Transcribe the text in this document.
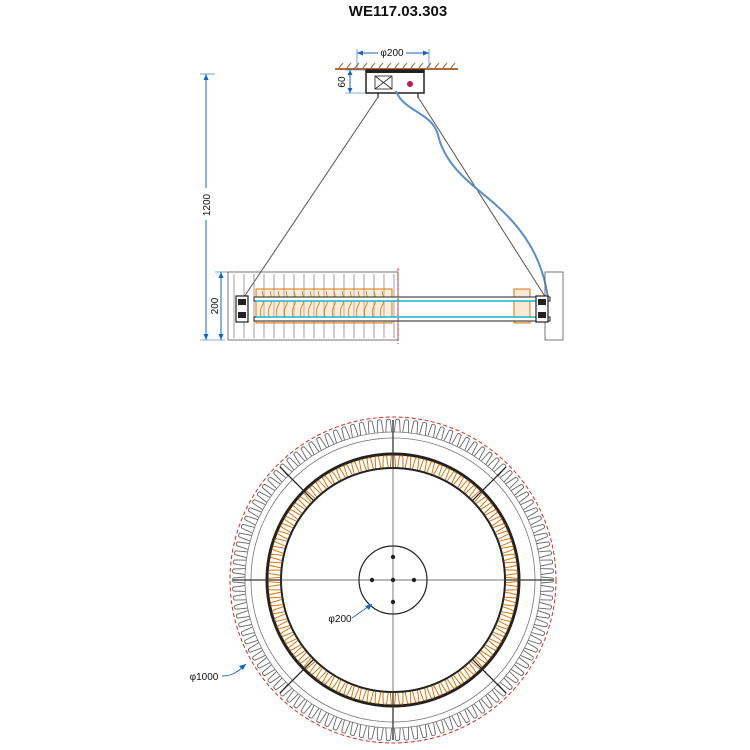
WE117.03.303
φ200
60
1200
200
φ200
φ1000
